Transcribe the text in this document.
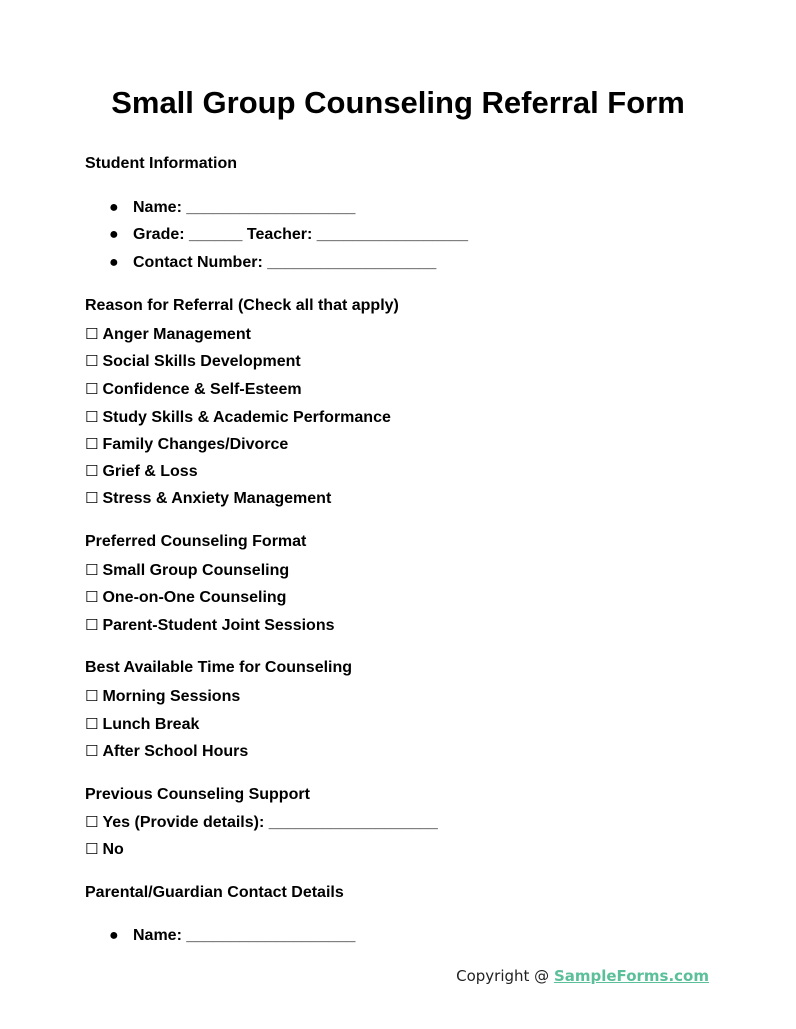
Small Group Counseling Referral Form
Student Information
● Name: ___________________
● Grade: ______ Teacher: _________________
● Contact Number: ___________________
Reason for Referral (Check all that apply)
☐ Anger Management
☐ Social Skills Development
☐ Confidence & Self-Esteem
☐ Study Skills & Academic Performance
☐ Family Changes/Divorce
☐ Grief & Loss
☐ Stress & Anxiety Management
Preferred Counseling Format
☐ Small Group Counseling
☐ One-on-One Counseling
☐ Parent-Student Joint Sessions
Best Available Time for Counseling
☐ Morning Sessions
☐ Lunch Break
☐ After School Hours
Previous Counseling Support
☐ Yes (Provide details): ___________________
☐ No
Parental/Guardian Contact Details
● Name: ___________________
Copyright @ SampleForms.com
